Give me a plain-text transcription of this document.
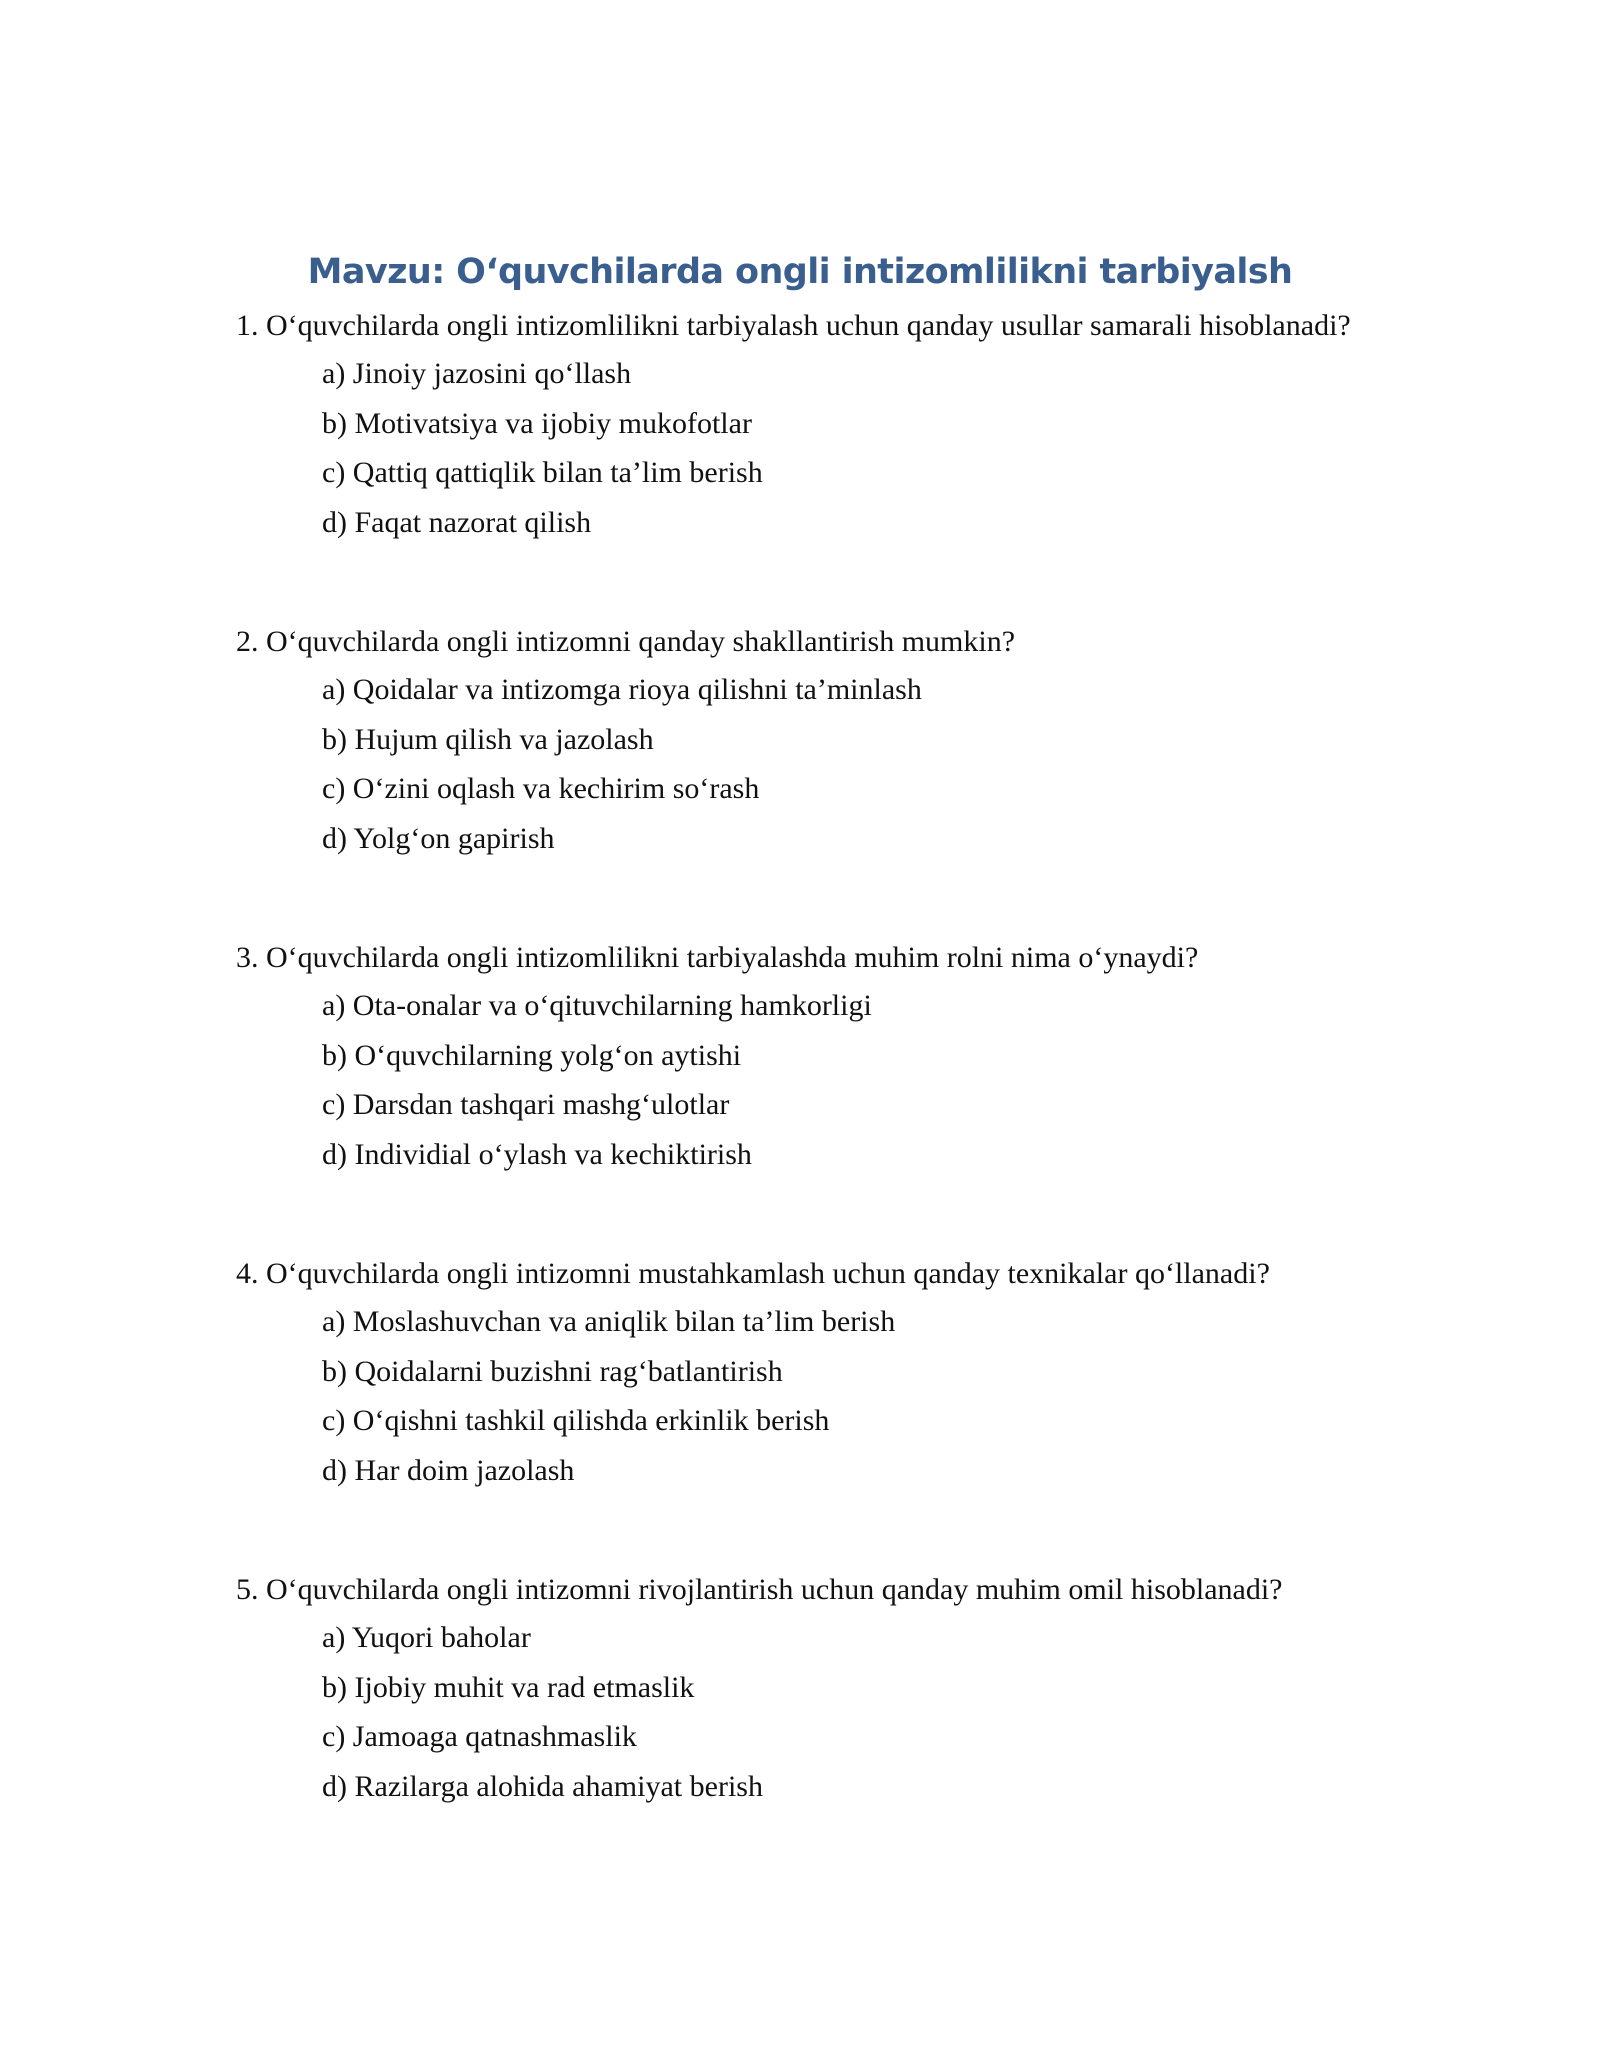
Mavzu: O‘quvchilarda ongli intizomlilikni tarbiyalsh

1. O‘quvchilarda ongli intizomlilikni tarbiyalash uchun qanday usullar samarali hisoblanadi?

a) Jinoiy jazosini qo‘llash
b) Motivatsiya va ijobiy mukofotlar
c) Qattiq qattiqlik bilan ta’lim berish
d) Faqat nazorat qilish

2. O‘quvchilarda ongli intizomni qanday shakllantirish mumkin?

a) Qoidalar va intizomga rioya qilishni ta’minlash
b) Hujum qilish va jazolash
c) O‘zini oqlash va kechirim so‘rash
d) Yolg‘on gapirish

3. O‘quvchilarda ongli intizomlilikni tarbiyalashda muhim rolni nima o‘ynaydi?

a) Ota-onalar va o‘qituvchilarning hamkorligi
b) O‘quvchilarning yolg‘on aytishi
c) Darsdan tashqari mashg‘ulotlar
d) Individial o‘ylash va kechiktirish

4. O‘quvchilarda ongli intizomni mustahkamlash uchun qanday texnikalar qo‘llanadi?

a) Moslashuvchan va aniqlik bilan ta’lim berish
b) Qoidalarni buzishni rag‘batlantirish
c) O‘qishni tashkil qilishda erkinlik berish
d) Har doim jazolash

5. O‘quvchilarda ongli intizomni rivojlantirish uchun qanday muhim omil hisoblanadi?

a) Yuqori baholar
b) Ijobiy muhit va rad etmaslik
c) Jamoaga qatnashmaslik
d) Razilarga alohida ahamiyat berish
